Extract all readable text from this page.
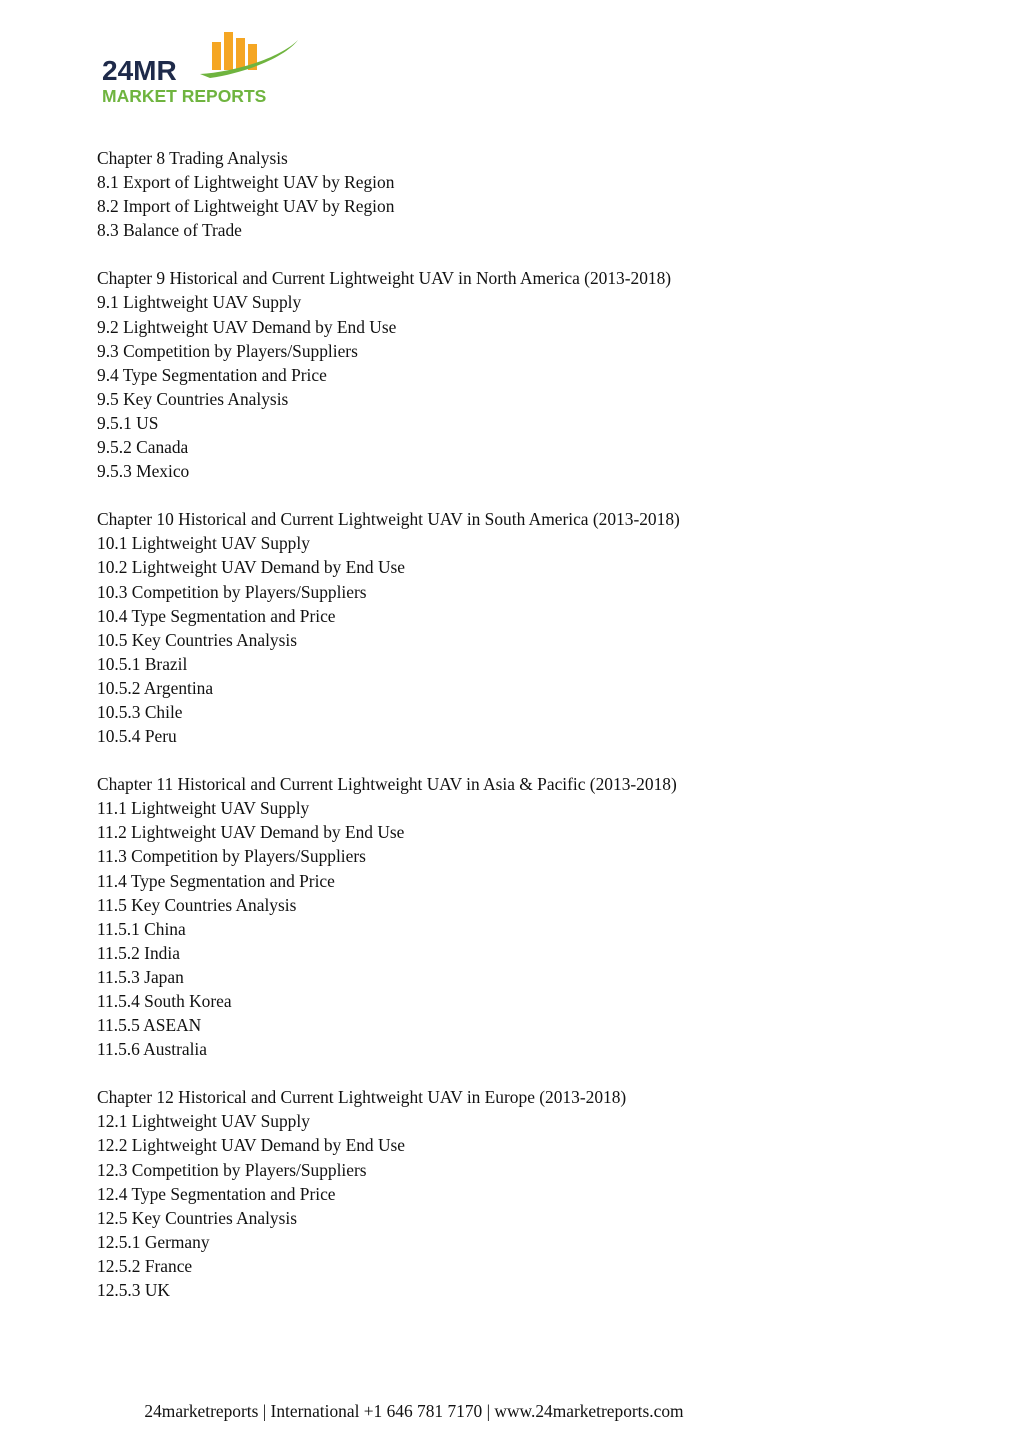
24MR
MARKET REPORTS
Chapter 8 Trading Analysis
8.1 Export of Lightweight UAV by Region
8.2 Import of Lightweight UAV by Region
8.3 Balance of Trade
Chapter 9 Historical and Current Lightweight UAV in North America (2013-2018)
9.1 Lightweight UAV Supply
9.2 Lightweight UAV Demand by End Use
9.3 Competition by Players/Suppliers
9.4 Type Segmentation and Price
9.5 Key Countries Analysis
9.5.1 US
9.5.2 Canada
9.5.3 Mexico
Chapter 10 Historical and Current Lightweight UAV in South America (2013-2018)
10.1 Lightweight UAV Supply
10.2 Lightweight UAV Demand by End Use
10.3 Competition by Players/Suppliers
10.4 Type Segmentation and Price
10.5 Key Countries Analysis
10.5.1 Brazil
10.5.2 Argentina
10.5.3 Chile
10.5.4 Peru
Chapter 11 Historical and Current Lightweight UAV in Asia & Pacific (2013-2018)
11.1 Lightweight UAV Supply
11.2 Lightweight UAV Demand by End Use
11.3 Competition by Players/Suppliers
11.4 Type Segmentation and Price
11.5 Key Countries Analysis
11.5.1 China
11.5.2 India
11.5.3 Japan
11.5.4 South Korea
11.5.5 ASEAN
11.5.6 Australia
Chapter 12 Historical and Current Lightweight UAV in Europe (2013-2018)
12.1 Lightweight UAV Supply
12.2 Lightweight UAV Demand by End Use
12.3 Competition by Players/Suppliers
12.4 Type Segmentation and Price
12.5 Key Countries Analysis
12.5.1 Germany
12.5.2 France
12.5.3 UK
24marketreports | International +1 646 781 7170 | www.24marketreports.com
